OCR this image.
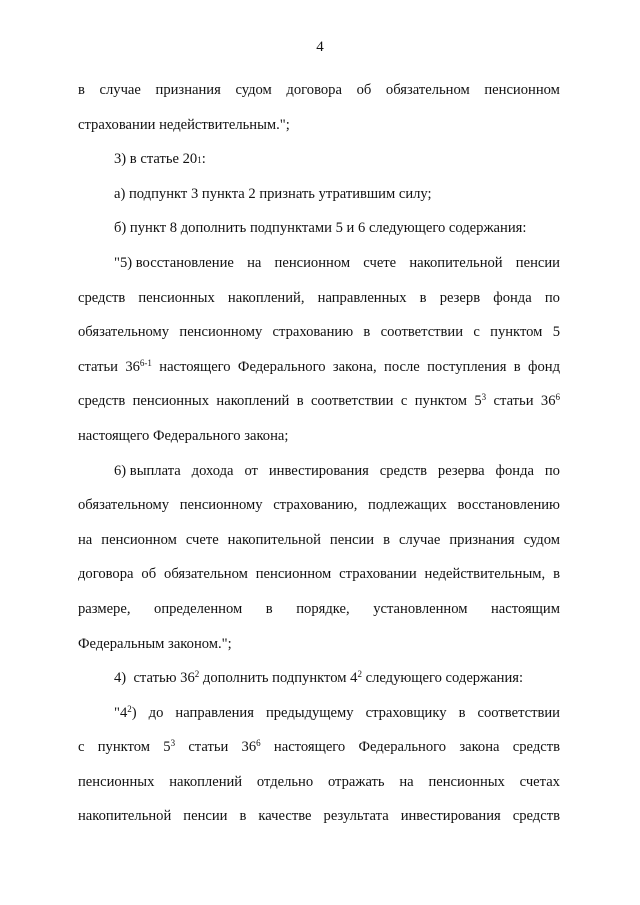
4
в случае признания судом договора об обязательном пенсионном
страховании недействительным.";
3) в статье 20 1 :
а) подпункт 3 пункта 2 признать утратившим силу;
б) пункт 8 дополнить подпунктами 5 и 6 следующего содержания:
"5) восстановление на пенсионном счете накопительной пенсии
средств пенсионных накоплений, направленных в резерв фонда по
обязательному пенсионному страхованию в соответствии с пунктом 5
статьи 36$^{6-1}$ настоящего Федерального закона, после поступления в фонд
средств пенсионных накоплений в соответствии с пунктом $5^3$ статьи $36^6$
настоящего Федерального закона;
6) выплата дохода от инвестирования средств резерва фонда по
обязательному пенсионному страхованию, подлежащих восстановлению
на пенсионном счете накопительной пенсии в случае признания судом
договора об обязательном пенсионном страховании недействительным, в
размере, определенном в порядке, установленном настоящим
Федеральным законом.";
4)  статью $36^2$ дополнить подпунктом $4^2$ следующего содержания:
"$4^2$) до направления предыдущему страховщику в соответствии
с  пунктом  $5^3$  статьи  $36^6$  настоящего  Федерального  закона  средств
пенсионных накоплений отдельно отражать на пенсионных счетах
накопительной пенсии в качестве результата инвестирования средств
